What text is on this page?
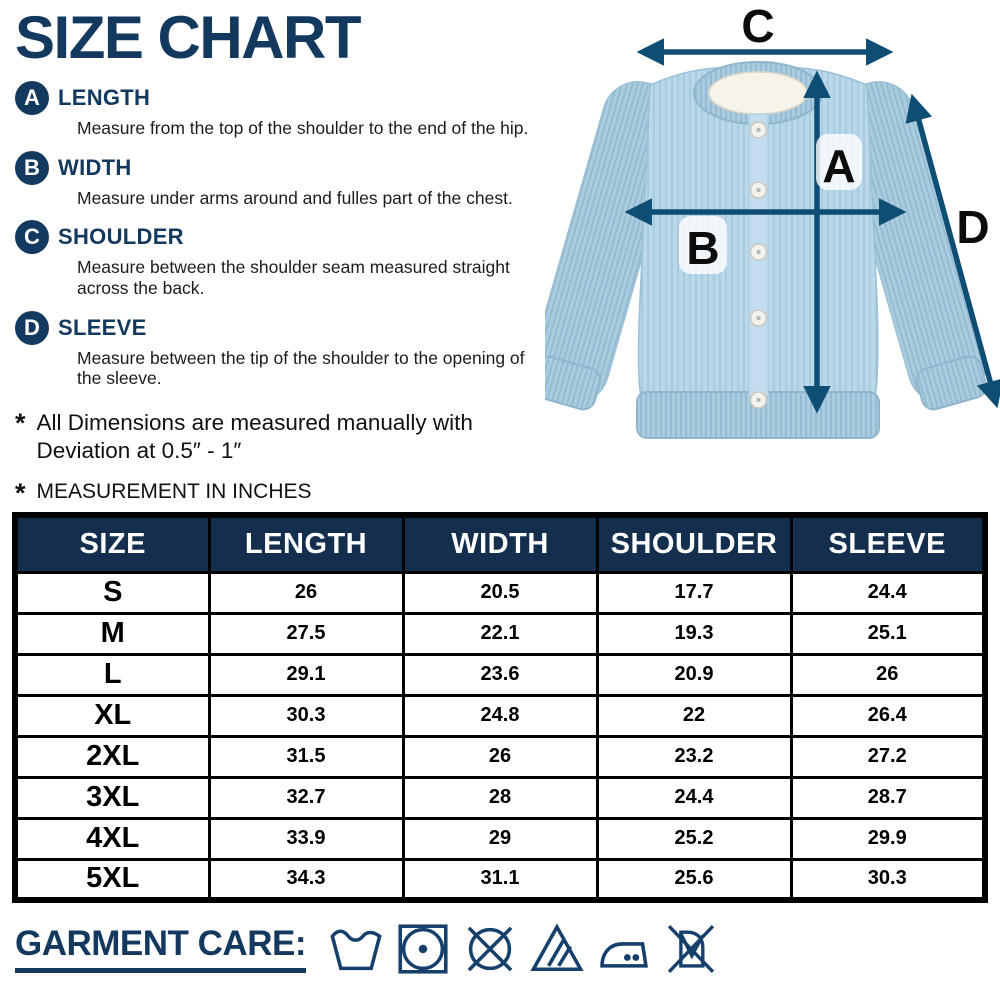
SIZE CHART
A LENGTH
Measure from the top of the shoulder to the end of the hip.
B WIDTH
Measure under arms around and fulles part of the chest.
C SHOULDER
Measure between the shoulder seam measured straight across the back.
D SLEEVE
Measure between the tip of the shoulder to the opening of the sleeve.
* All Dimensions are measured manually with Deviation at 0.5″ - 1″
* MEASUREMENT IN INCHES
C
A
B	D
SIZE	LENGTH	WIDTH	SHOULDER	SLEEVE
S	26	20.5	17.7	24.4
M	27.5	22.1	19.3	25.1
L	29.1	23.6	20.9	26
XL	30.3	24.8	22	26.4
2XL	31.5	26	23.2	27.2
3XL	32.7	28	24.4	28.7
4XL	33.9	29	25.2	29.9
5XL	34.3	31.1	25.6	30.3
GARMENT CARE:
